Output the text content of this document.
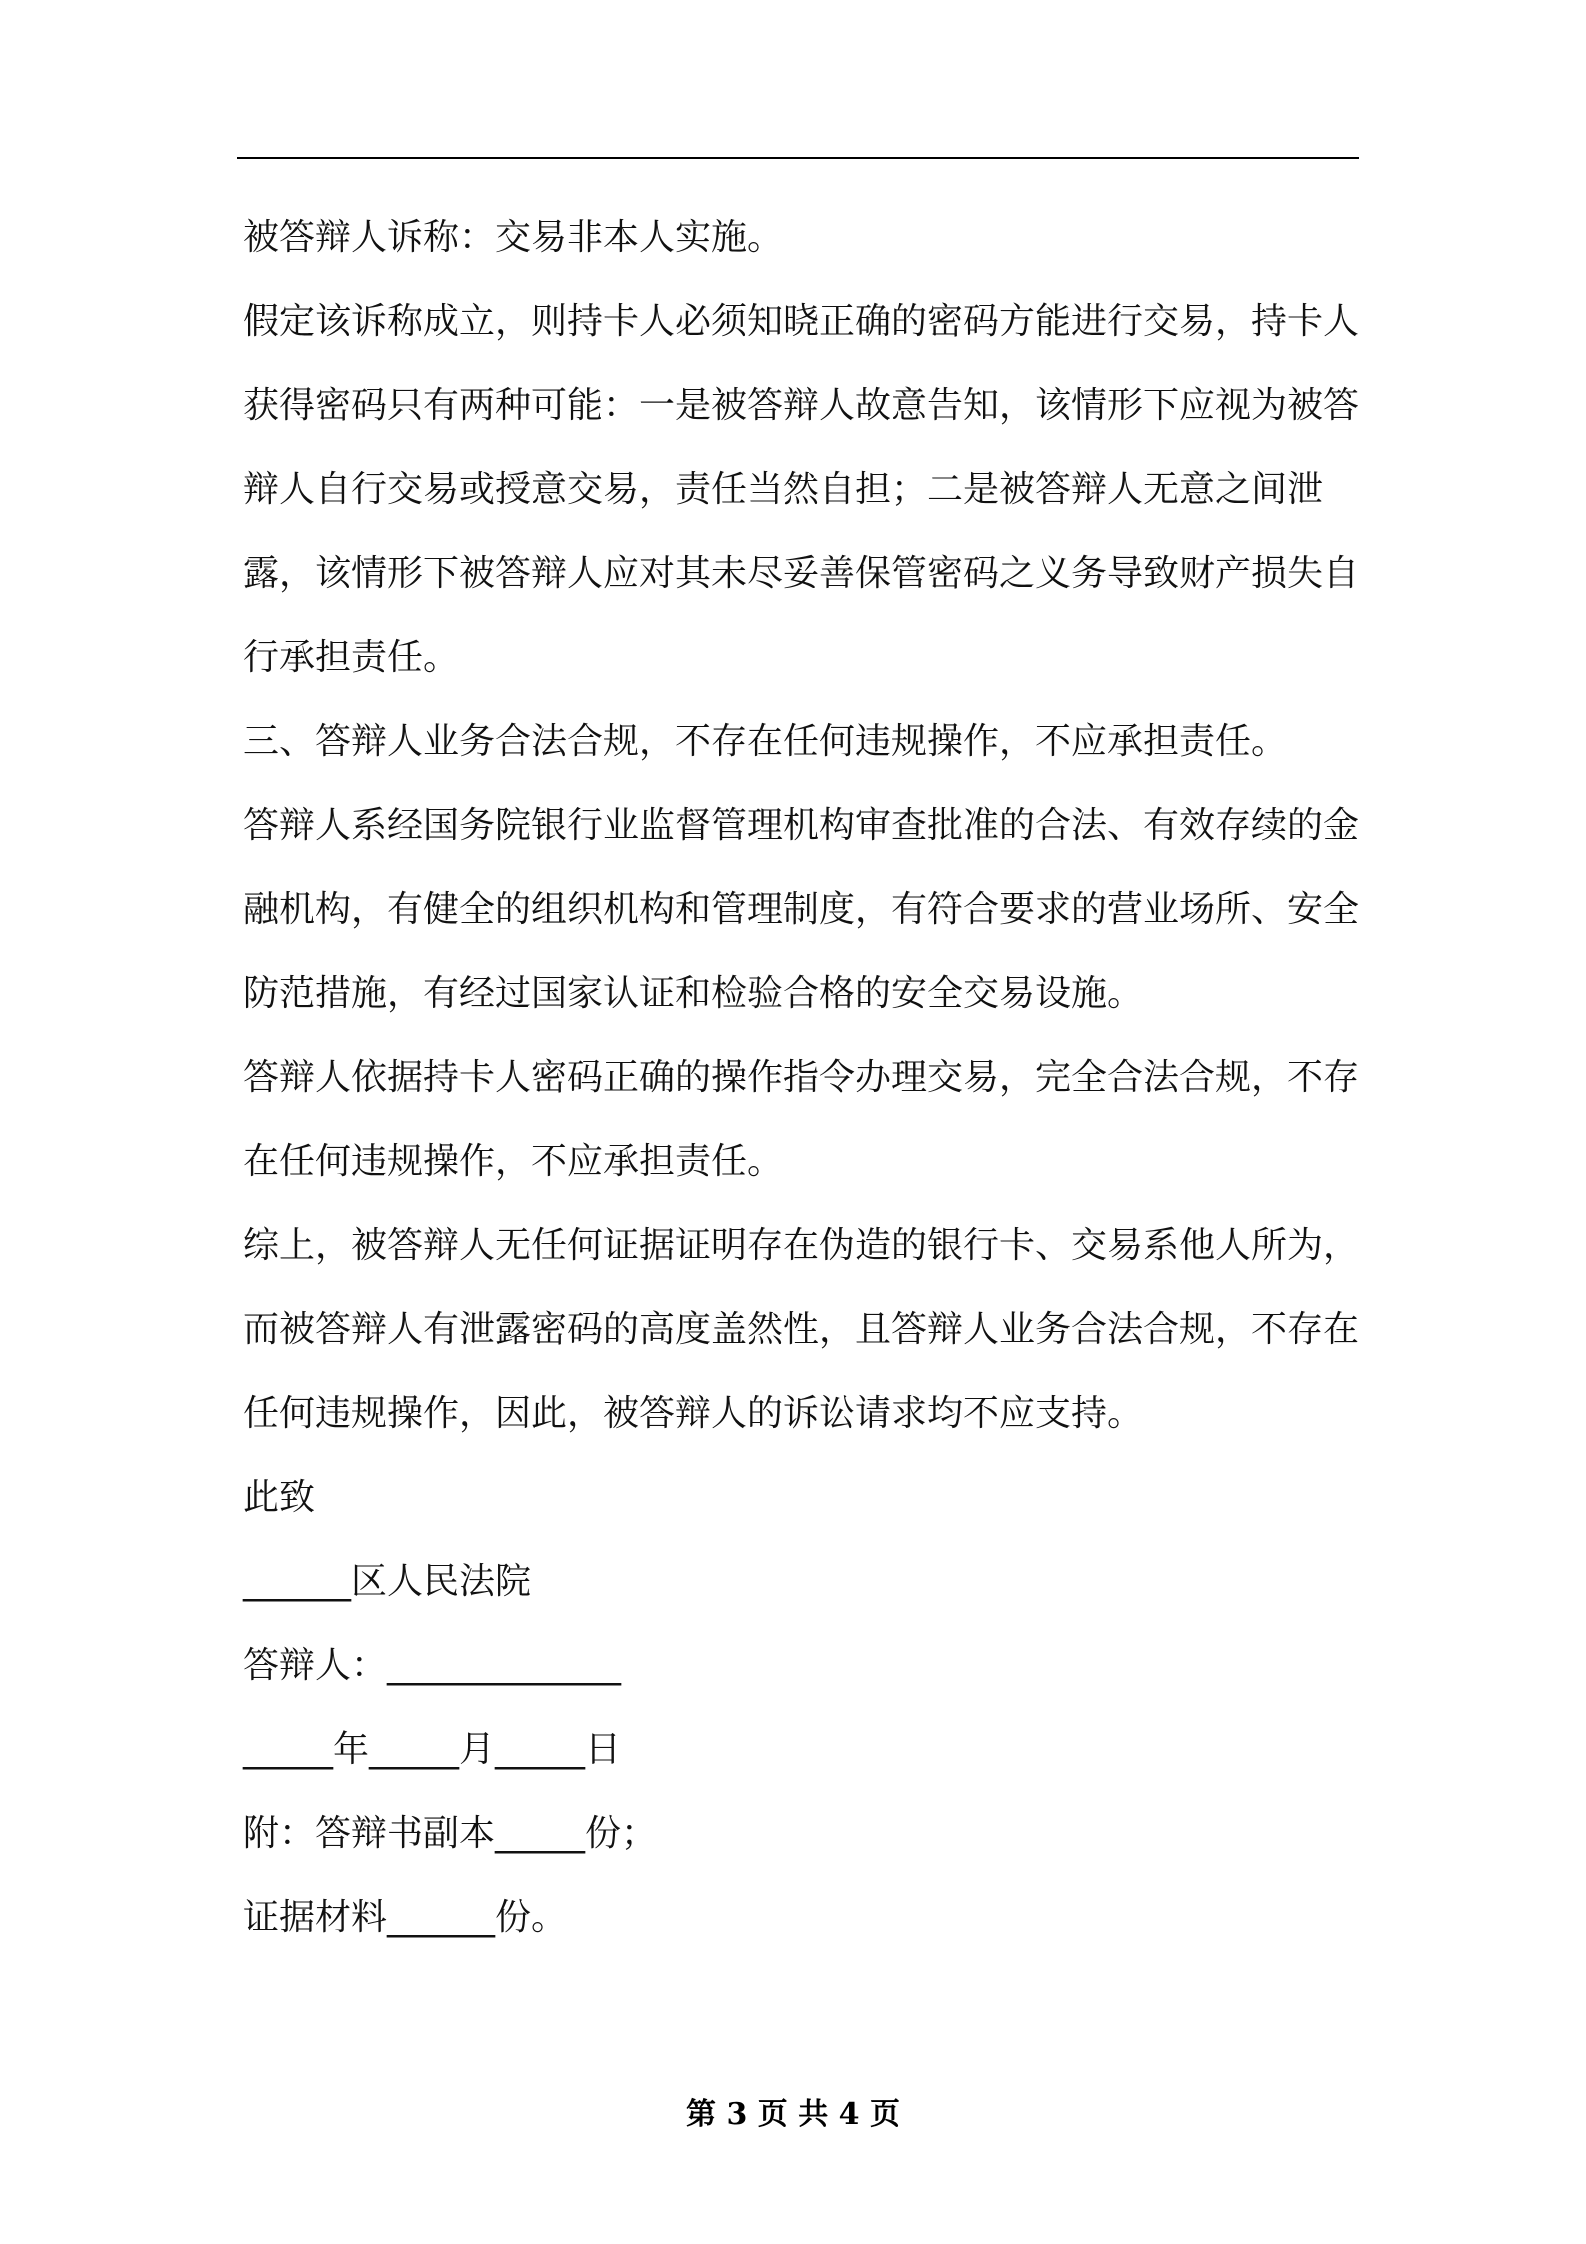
被答辩人诉称：交易非本人实施。

假定该诉称成立，则持卡人必须知晓正确的密码方能进行交易，持卡人获得密码只有两种可能：一是被答辩人故意告知，该情形下应视为被答辩人自行交易或授意交易，责任当然自担；二是被答辩人无意之间泄露，该情形下被答辩人应对其未尽妥善保管密码之义务导致财产损失自行承担责任。

三、答辩人业务合法合规，不存在任何违规操作，不应承担责任。

答辩人系经国务院银行业监督管理机构审查批准的合法、有效存续的金融机构，有健全的组织机构和管理制度，有符合要求的营业场所、安全防范措施，有经过国家认证和检验合格的安全交易设施。

答辩人依据持卡人密码正确的操作指令办理交易，完全合法合规，不存在任何违规操作，不应承担责任。

综上，被答辩人无任何证据证明存在伪造的银行卡、交易系他人所为，而被答辩人有泄露密码的高度盖然性，且答辩人业务合法合规，不存在任何违规操作，因此，被答辩人的诉讼请求均不应支持。

此致

______区人民法院

答辩人：_____________

_____年_____月_____日

附：答辩书副本_____份；

证据材料______份。

第 3 页 共 4 页
